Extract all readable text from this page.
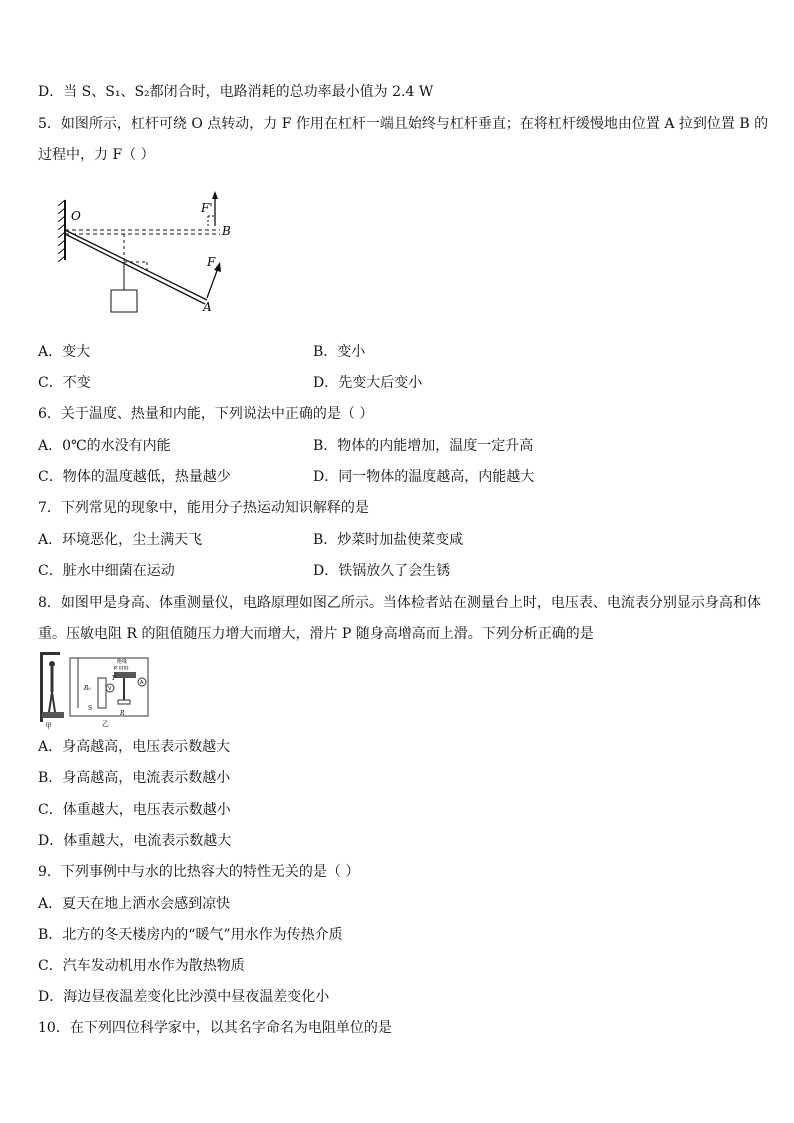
D．当 S、S₁、S₂都闭合时，电路消耗的总功率最小值为 2.4 W
5．如图所示，杠杆可绕 O 点转动，力 F 作用在杠杆一端且始终与杠杆垂直；在将杠杆缓慢地由位置 A 拉到位置 B 的
过程中，力 F（ ）
O
B
A
F'
F
A．变大	B．变小
C．不变	D．先变大后变小
6．关于温度、热量和内能，下列说法中正确的是（ ）
A．0℃的水没有内能	B．物体的内能增加，温度一定升高
C．物体的温度越低，热量越少	D．同一物体的温度越高，内能越大
7．下列常见的现象中，能用分子热运动知识解释的是
A．环境恶化，尘土满天飞	B．炒菜时加盐使菜变咸
C．脏水中细菌在运动	D．铁锅放久了会生锈
8．如图甲是身高、体重测量仪，电路原理如图乙所示。当体检者站在测量台上时，电压表、电流表分别显示身高和体
重。压敏电阻 R 的阻值随压力增大而增大，滑片 P 随身高增高而上滑。下列分析正确的是
甲
V
A
绝缘
P 材料
R₀
P
S
R
乙
A．身高越高，电压表示数越大
B．身高越高，电流表示数越小
C．体重越大，电压表示数越小
D．体重越大，电流表示数越大
9．下列事例中与水的比热容大的特性无关的是（ ）
A．夏天在地上洒水会感到凉快
B．北方的冬天楼房内的“暖气”用水作为传热介质
C．汽车发动机用水作为散热物质
D．海边昼夜温差变化比沙漠中昼夜温差变化小
10．在下列四位科学家中，以其名字命名为电阻单位的是
